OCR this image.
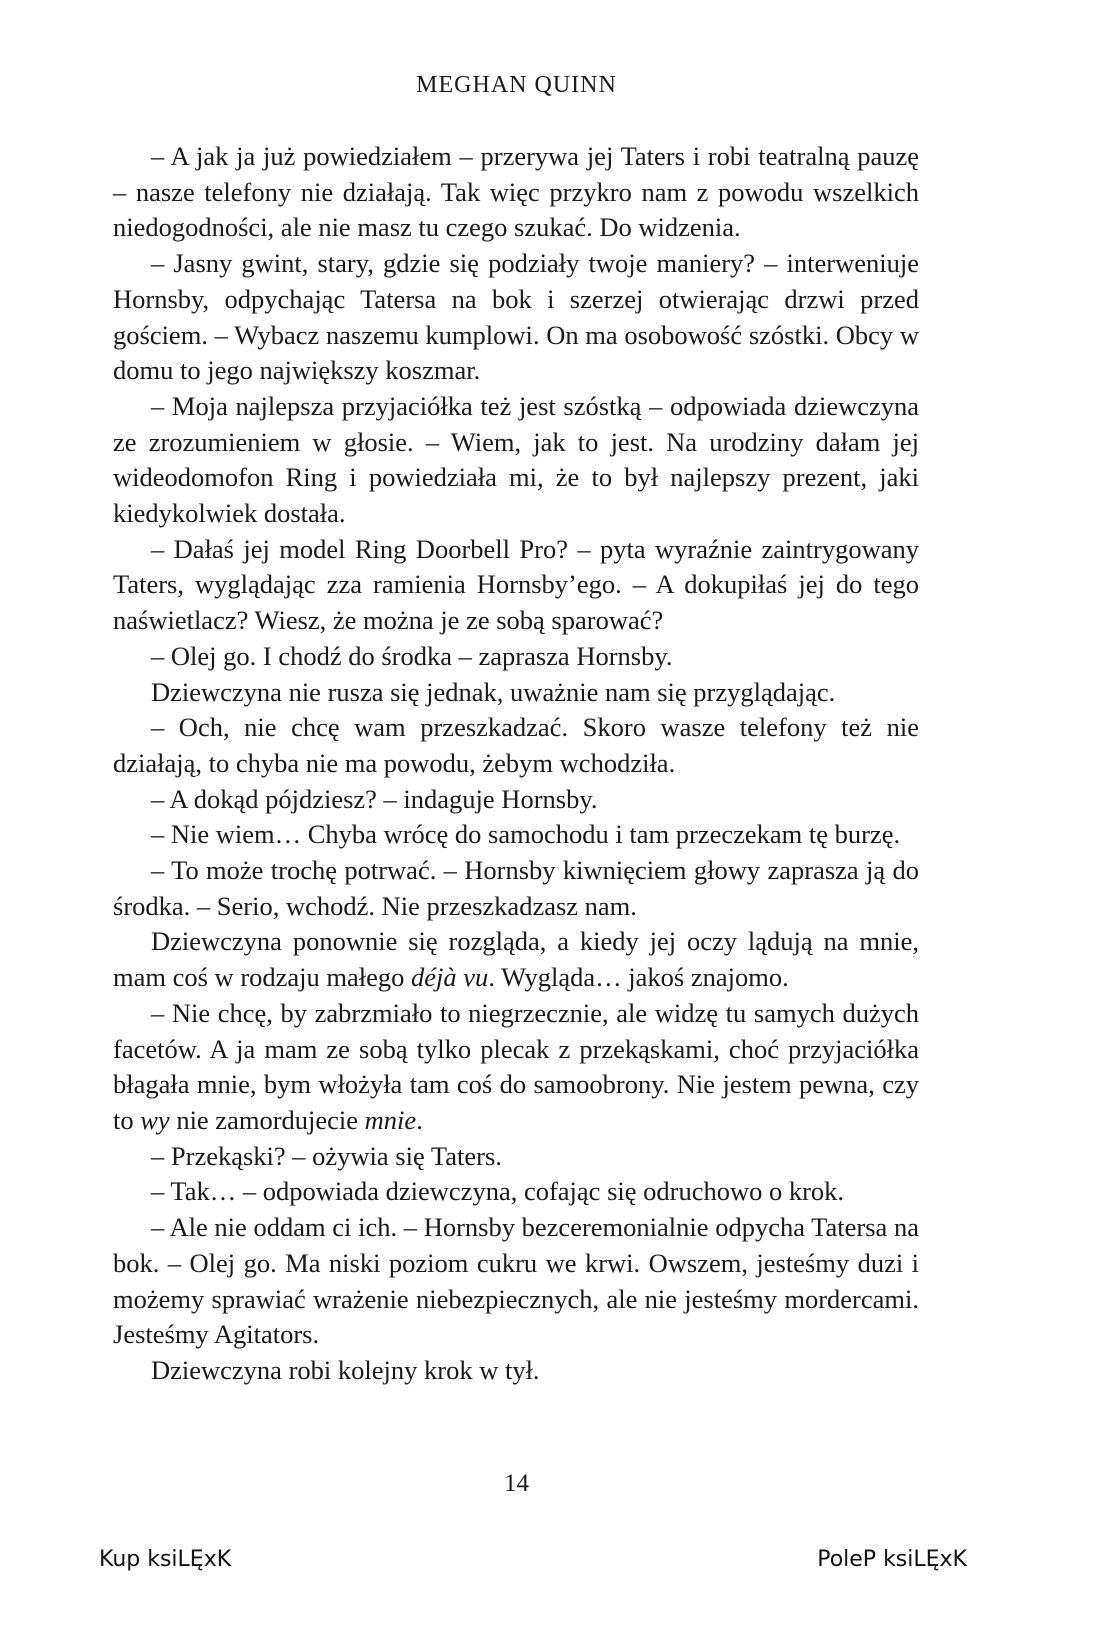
MEGHAN QUINN

– A jak ja już powiedziałem – przerywa jej Taters i robi teatralną pauzę – nasze telefony nie działają. Tak więc przykro nam z powodu wszelkich niedogodności, ale nie masz tu czego szukać. Do widzenia.

– Jasny gwint, stary, gdzie się podziały twoje maniery? – interweniuje Hornsby, odpychając Tatersa na bok i szerzej otwierając drzwi przed gościem. – Wybacz naszemu kumplowi. On ma osobowość szóstki. Obcy w domu to jego największy koszmar.

– Moja najlepsza przyjaciółka też jest szóstką – odpowiada dziewczyna ze zrozumieniem w głosie. – Wiem, jak to jest. Na urodziny dałam jej wideodomofon Ring i powiedziała mi, że to był najlepszy prezent, jaki kiedykolwiek dostała.

– Dałaś jej model Ring Doorbell Pro? – pyta wyraźnie zaintrygowany Taters, wyglądając zza ramienia Hornsby’ego. – A dokupiłaś jej do tego naświetlacz? Wiesz, że można je ze sobą sparować?

– Olej go. I chodź do środka – zaprasza Hornsby.

Dziewczyna nie rusza się jednak, uważnie nam się przyglądając.

– Och, nie chcę wam przeszkadzać. Skoro wasze telefony też nie działają, to chyba nie ma powodu, żebym wchodziła.

– A dokąd pójdziesz? – indaguje Hornsby.

– Nie wiem… Chyba wrócę do samochodu i tam przeczekam tę burzę.

– To może trochę potrwać. – Hornsby kiwnięciem głowy zaprasza ją do środka. – Serio, wchodź. Nie przeszkadzasz nam.

Dziewczyna ponownie się rozgląda, a kiedy jej oczy lądują na mnie, mam coś w rodzaju małego déjà vu. Wygląda… jakoś znajomo.

– Nie chcę, by zabrzmiało to niegrzecznie, ale widzę tu samych dużych facetów. A ja mam ze sobą tylko plecak z przekąskami, choć przyjaciółka błagała mnie, bym włożyła tam coś do samoobrony. Nie jestem pewna, czy to wy nie zamordujecie mnie.

– Przekąski? – ożywia się Taters.

– Tak… – odpowiada dziewczyna, cofając się odruchowo o krok.

– Ale nie oddam ci ich. – Hornsby bezceremonialnie odpycha Tatersa na bok. – Olej go. Ma niski poziom cukru we krwi. Owszem, jesteśmy duzi i możemy sprawiać wrażenie niebezpiecznych, ale nie jesteśmy mordercami. Jesteśmy Agitators.

Dziewczyna robi kolejny krok w tył.

14
Kup ksiLĘxK	PoleP ksiLĘxK
